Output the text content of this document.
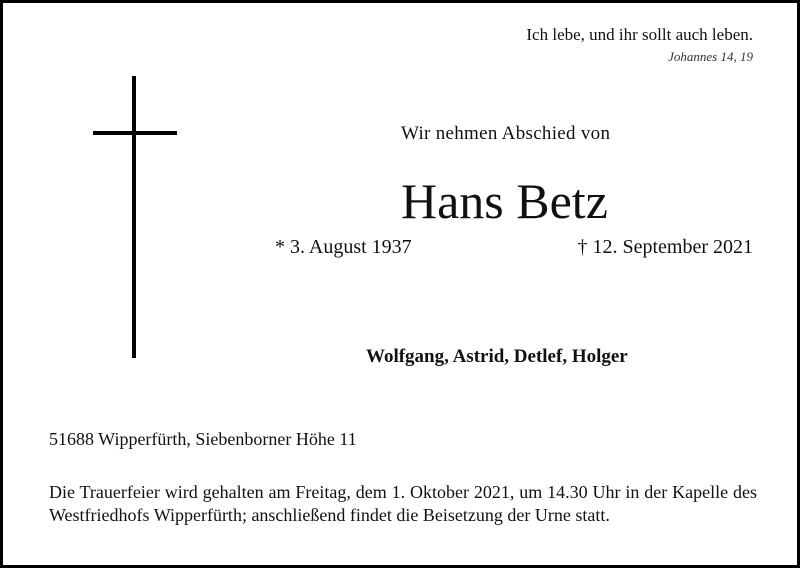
Ich lebe, und ihr sollt auch leben.
Johannes 14, 19
Wir nehmen Abschied von
Hans Betz
* 3. August 1937	† 12. September 2021
Wolfgang, Astrid, Detlef, Holger
51688 Wipperfürth, Siebenborner Höhe 11
Die Trauerfeier wird gehalten am Freitag, dem 1. Oktober 2021, um 14.30 Uhr in der Kapelle des Westfriedhofs Wipperfürth; anschließend findet die Beisetzung der Urne statt.
